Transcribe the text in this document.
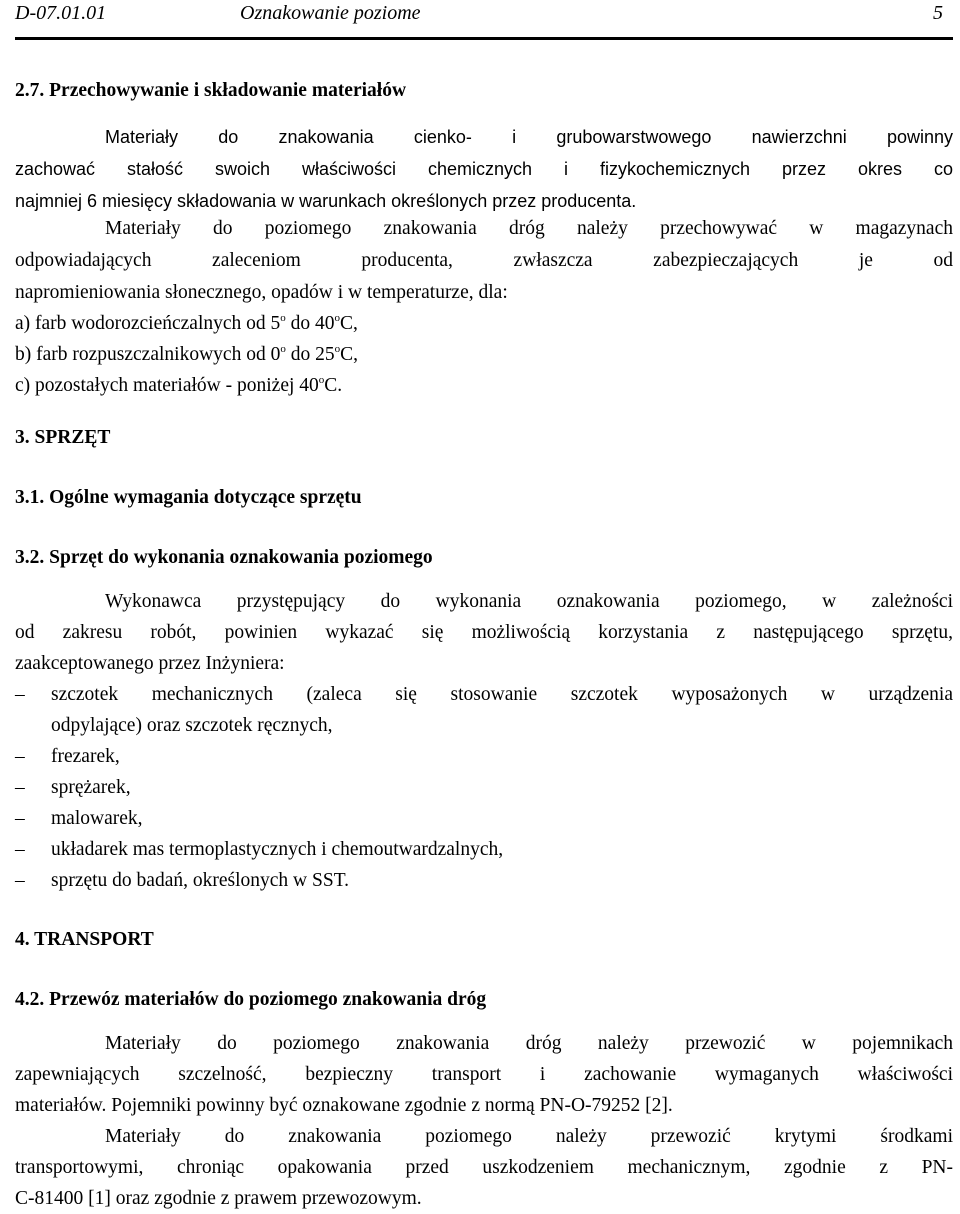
D-07.01.01	Oznakowanie poziome	5
2.7. Przechowywanie i składowanie materiałów
Materiały do znakowania cienko- i grubowarstwowego nawierzchni powinny
zachować stałość swoich właściwości chemicznych i fizykochemicznych przez okres co
najmniej 6 miesięcy składowania w warunkach określonych przez producenta.
Materiały do poziomego znakowania dróg należy przechowywać w magazynach
odpowiadających zaleceniom producenta, zwłaszcza zabezpieczających je od
napromieniowania słonecznego, opadów i w temperaturze, dla:
a) farb wodorozcieńczalnych od 5$^o$ do 40$^o$C,
b) farb rozpuszczalnikowych od 0$^o$ do 25$^o$C,
c) pozostałych materiałów - poniżej 40$^o$C.
3. SPRZĘT
3.1. Ogólne wymagania dotyczące sprzętu
3.2. Sprzęt do wykonania oznakowania poziomego
Wykonawca przystępujący do wykonania oznakowania poziomego, w zależności
od zakresu robót, powinien wykazać się możliwością korzystania z następującego sprzętu,
zaakceptowanego przez Inżyniera:
– szczotek mechanicznych (zaleca się stosowanie szczotek wyposażonych w urządzenia
odpylające) oraz szczotek ręcznych,
– frezarek,
– sprężarek,
– malowarek,
– układarek mas termoplastycznych i chemoutwardzalnych,
– sprzętu do badań, określonych w SST.
4. TRANSPORT
4.2. Przewóz materiałów do poziomego znakowania dróg
Materiały do poziomego znakowania dróg należy przewozić w pojemnikach
zapewniających szczelność, bezpieczny transport i zachowanie wymaganych właściwości
materiałów. Pojemniki powinny być oznakowane zgodnie z normą PN-O-79252 [2].
Materiały do znakowania poziomego należy przewozić krytymi środkami
transportowymi, chroniąc opakowania przed uszkodzeniem mechanicznym, zgodnie z PN-
C-81400 [1] oraz zgodnie z prawem przewozowym.
